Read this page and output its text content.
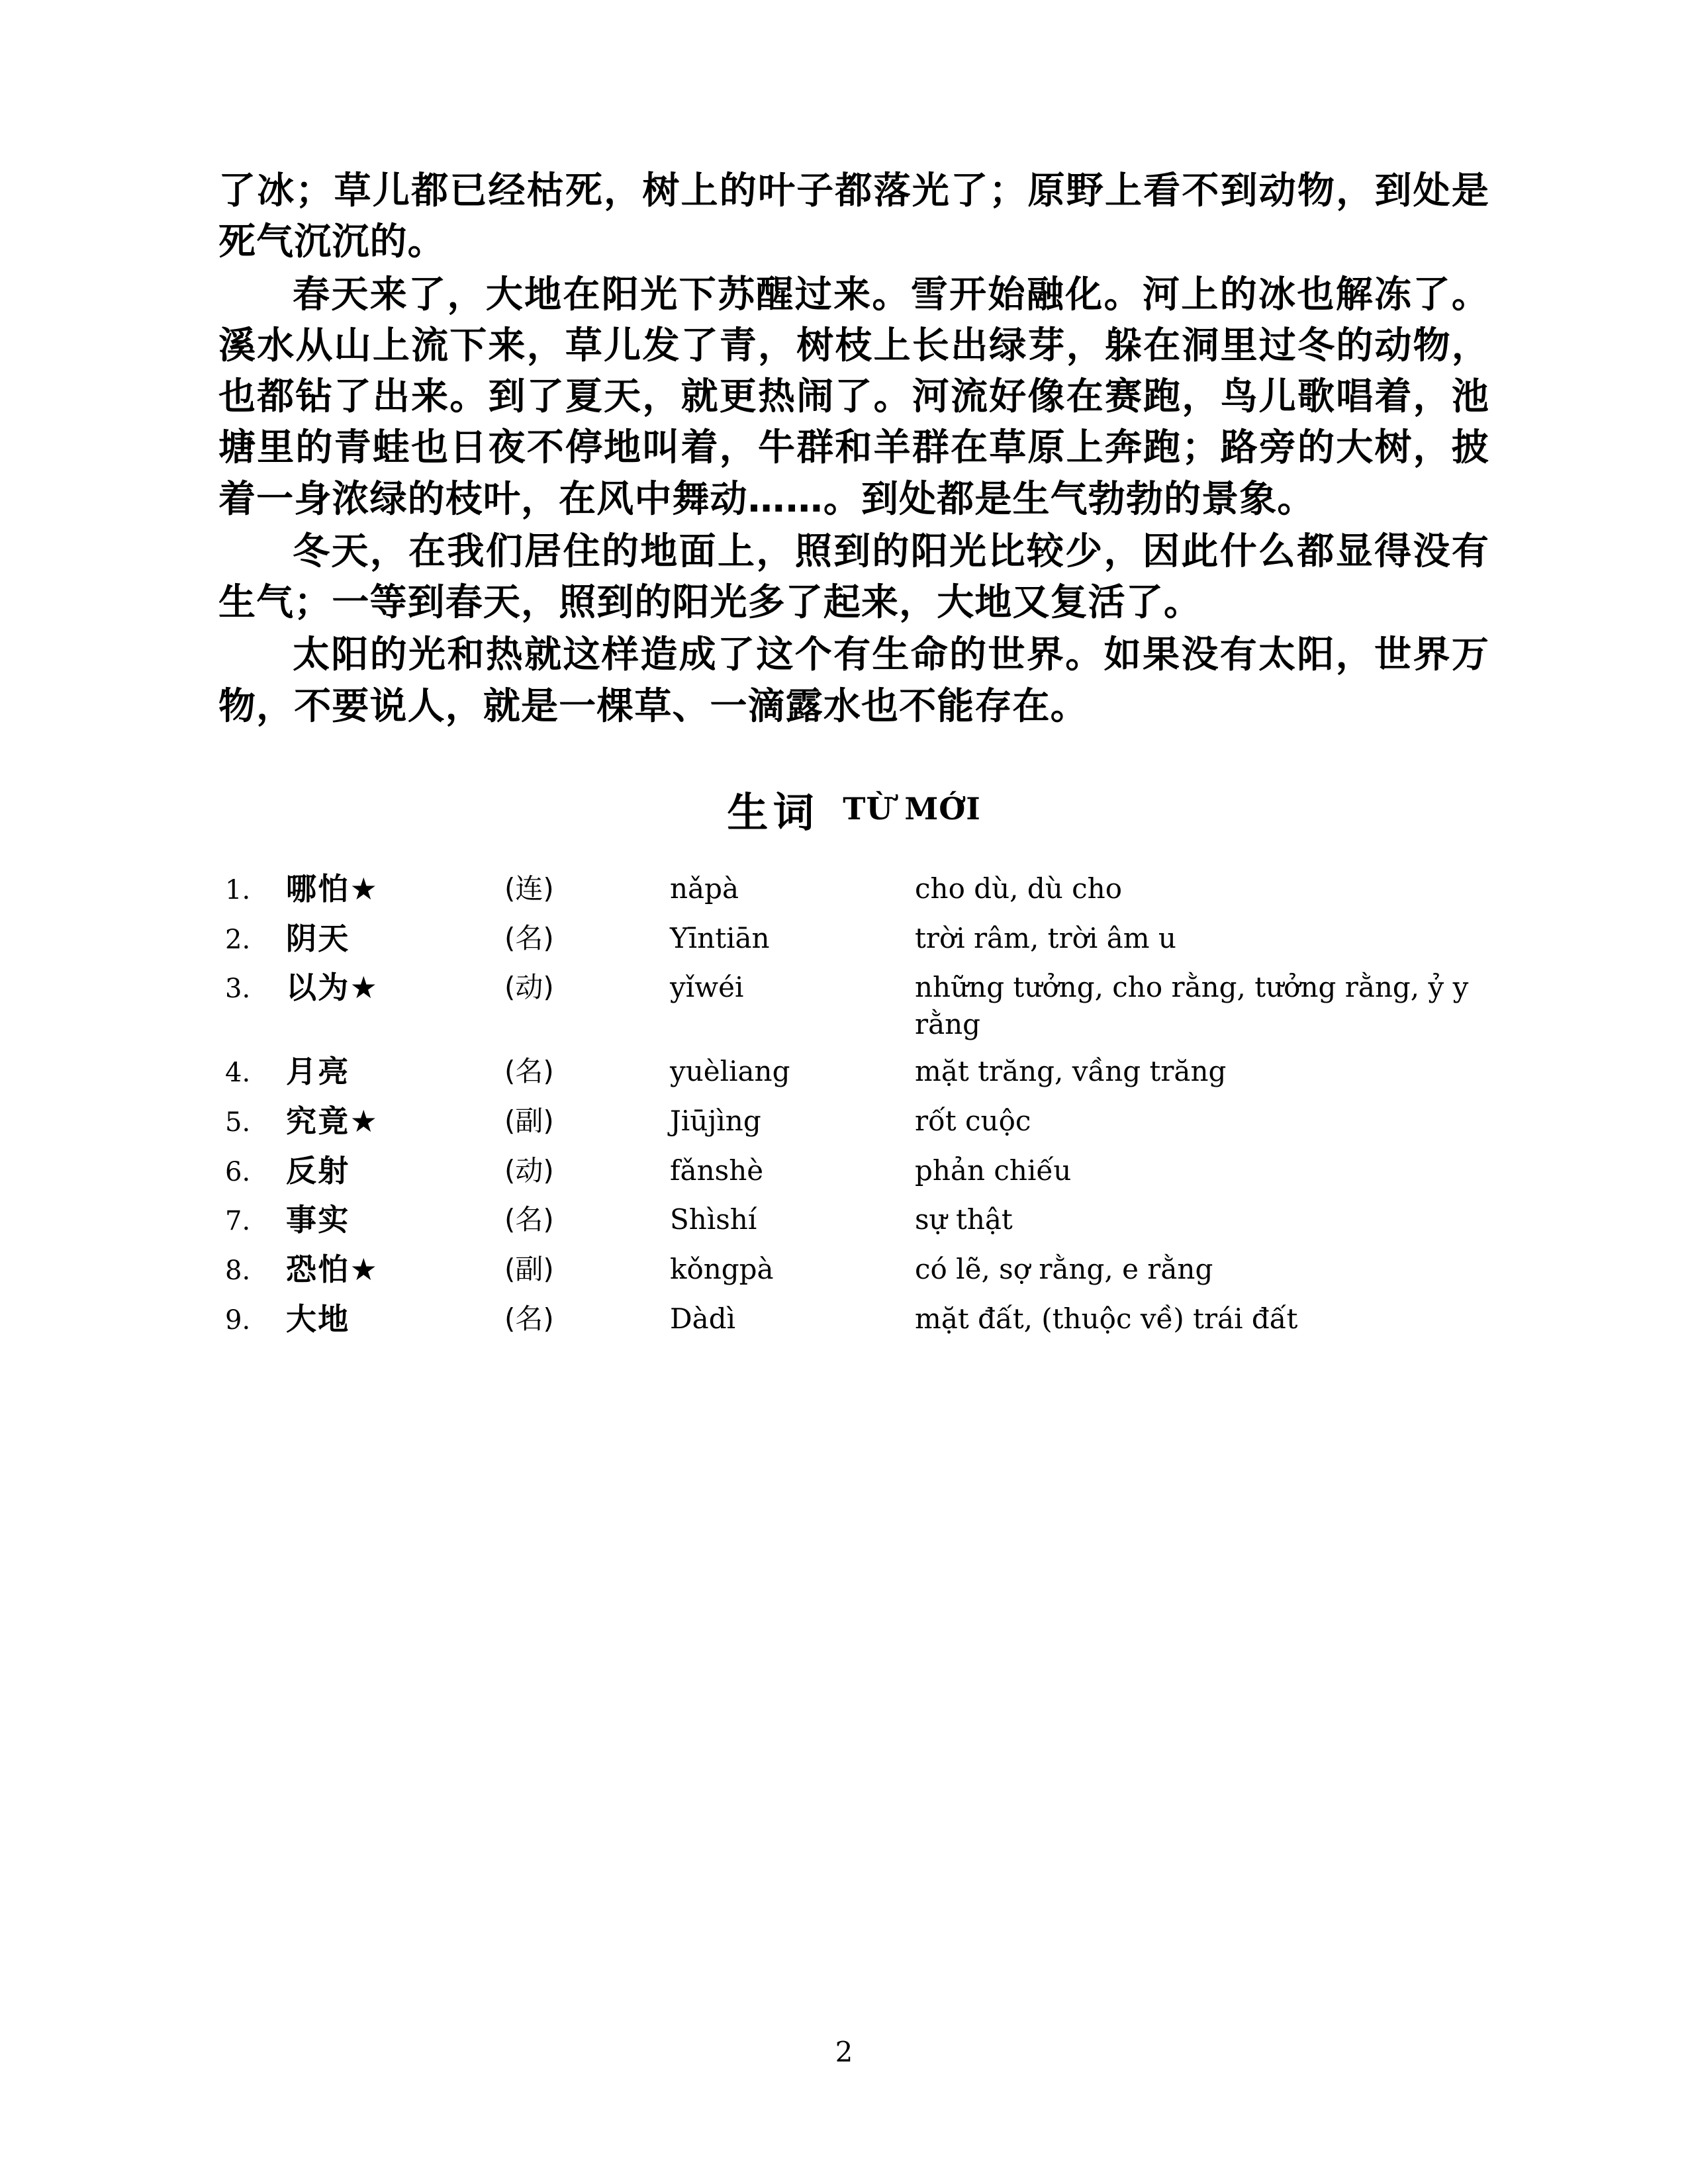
了冰；草儿都已经枯死，树上的叶子都落光了；原野上看不到动物，到处是死气沉沉的。

春天来了，大地在阳光下苏醒过来。雪开始融化。河上的冰也解冻了。溪水从山上流下来，草儿发了青，树枝上长出绿芽，躲在洞里过冬的动物，也都钻了出来。到了夏天，就更热闹了。河流好像在赛跑，鸟儿歌唱着，池塘里的青蛙也日夜不停地叫着，牛群和羊群在草原上奔跑；路旁的大树，披着一身浓绿的枝叶，在风中舞动……。到处都是生气勃勃的景象。

冬天，在我们居住的地面上，照到的阳光比较少，因此什么都显得没有生气；一等到春天，照到的阳光多了起来，大地又复活了。

太阳的光和热就这样造成了这个有生命的世界。如果没有太阳，世界万物，不要说人，就是一棵草、一滴露水也不能存在。

生词 TỪ MỚI
1.	哪怕★	(连)	nǎpà	cho dù, dù cho
2.	阴天	(名)	Yīntiān	trời râm, trời âm u
3.	以为★	(动)	yǐwéi	những tưởng, cho rằng, tưởng rằng, ỷ y rằng
4.	月亮	(名)	yuèliang	mặt trăng, vầng trăng
5.	究竟★	(副)	Jiūjìng	rốt cuộc
6.	反射	(动)	fǎnshè	phản chiếu
7.	事实	(名)	Shìshí	sự thật
8.	恐怕★	(副)	kǒngpà	có lẽ, sợ rằng, e rằng
9.	大地	(名)	Dàdì	mặt đất, (thuộc về) trái đất
2
